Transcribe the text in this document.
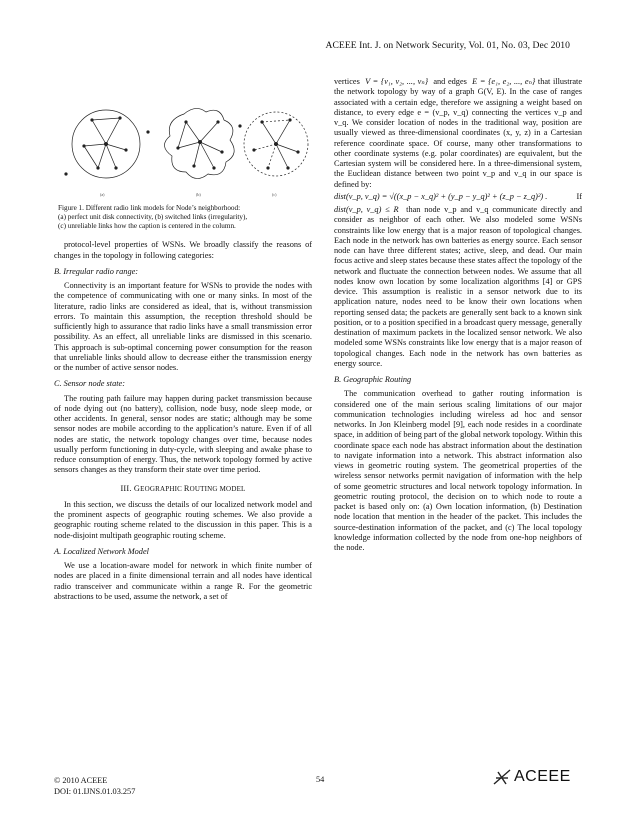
ACEEE Int. J. on Network Security, Vol. 01, No. 03, Dec 2010
(a)	(b)	(c)
Figure 1. Different radio link models for Node’s neighborhood:
(a) perfect unit disk connectivity, (b) switched links (irregularity),
(c) unreliable links how the caption is centered in the column.

protocol-level properties of WSNs. We broadly classify the reasons of changes in the topology in following categories:

B. Irregular radio range:

Connectivity is an important feature for WSNs to provide the nodes with the competence of communicating with one or many sinks. In most of the literature, radio links are considered as ideal, that is, without transmission errors. To maintain this assumption, the reception threshold should be sufficiently high to assurance that radio links have a small transmission error possibility. As an effect, all unreliable links are dismissed in this scenario. This approach is sub-optimal concerning power consumption for the reason that unreliable links should allow to decrease either the transmission energy or the number of active sensor nodes.

C. Sensor node state:

The routing path failure may happen during packet transmission because of node dying out (no battery), collision, node busy, node sleep mode, or other accidents. In general, sensor nodes are static; although may be some sensor nodes are mobile according to the application’s nature. Even if of all nodes are static, the network topology changes over time, because nodes usually perform functioning in duty-cycle, with sleeping and awake phase to reduce consumption of energy. Thus, the network topology formed by active sensors changes as they transform their state over time period.

III. GEOGRAPHIC ROUTING MODEL

In this section, we discuss the details of our localized network model and the prominent aspects of geographic routing schemes. We also provide a geographic routing scheme related to the discussion in this paper. This is a node-disjoint multipath geographic routing scheme.

A. Localized Network Model

We use a location-aware model for network in which finite number of nodes are placed in a finite dimensional terrain and all nodes have identical radio transceiver and communicate within a range R. For the geometric abstractions to be used, assume the network, a set of

vertices V = {v₁, v₂, ..., vₙ} and edges E = {e₁, e₂, ..., eₙ} that illustrate the network topology by way of a graph G(V, E). In the case of ranges associated with a certain edge, therefore we assigning a weight based on distance, to every edge e = (v_p, v_q) connecting the vertices v_p and v_q. We consider location of nodes in the traditional way, position are usually viewed as three-dimensional coordinates (x, y, z) in a Cartesian reference coordinate space. Of course, many other transformations to other coordinate systems (e.g. polar coordinates) are equivalent, but the Cartesian system will be considered here. In a three-dimensional system, the Euclidean distance between two point v_p and v_q in our space is defined by:

dist(v_p, v_q) = √((x_p − x_q)² + (y_p − y_q)² + (z_p − z_q)²) .	If

dist(v_p, v_q) ≤ R than node v_p and v_q communicate directly and consider as neighbor of each other. We also modeled some WSNs constraints like low energy that is a major reason of topological changes. Each node in the network has own batteries as energy source. Each sensor node can have three different states; active, sleep, and dead. Our main focus active and sleep states because these states affect the topology of the network and fluctuate the connection between nodes. We assume that all nodes know own location by some localization algorithms [4] or GPS device. This assumption is realistic in a sensor network due to its application nature, nodes need to be know their own locations when reporting sensed data; the packets are generally sent back to a known sink position, or to a position specified in a broadcast query message, generally destination of maximum packets in the localized sensor network. We also modeled some WSNs constraints like low energy that is a major reason of topological changes. Each node in the network has own batteries as energy source.

B. Geographic Routing

The communication overhead to gather routing information is considered one of the main serious scaling limitations of our major communication technologies including wireless ad hoc and sensor networks. In Jon Kleinberg model [9], each node resides in a coordinate space, in addition of being part of the global network topology. Within this coordinate space each node has abstract information about the destination to navigate information into a network. This abstract information also views in geometric routing system. The geometrical properties of the wireless sensor networks permit navigation of information with the help of some geometric structures and local network topology information. In geometric routing protocol, the decision on to which node to route a packet is based only on: (a) Own location information, (b) Destination node location that mention in the header of the packet. This includes the source-destination information of the packet, and (c) The local topology knowledge information collected by the node from one-hop neighbors of the node.

© 2010 ACEEE
DOI: 01.IJNS.01.03.257
54	ACEEE
